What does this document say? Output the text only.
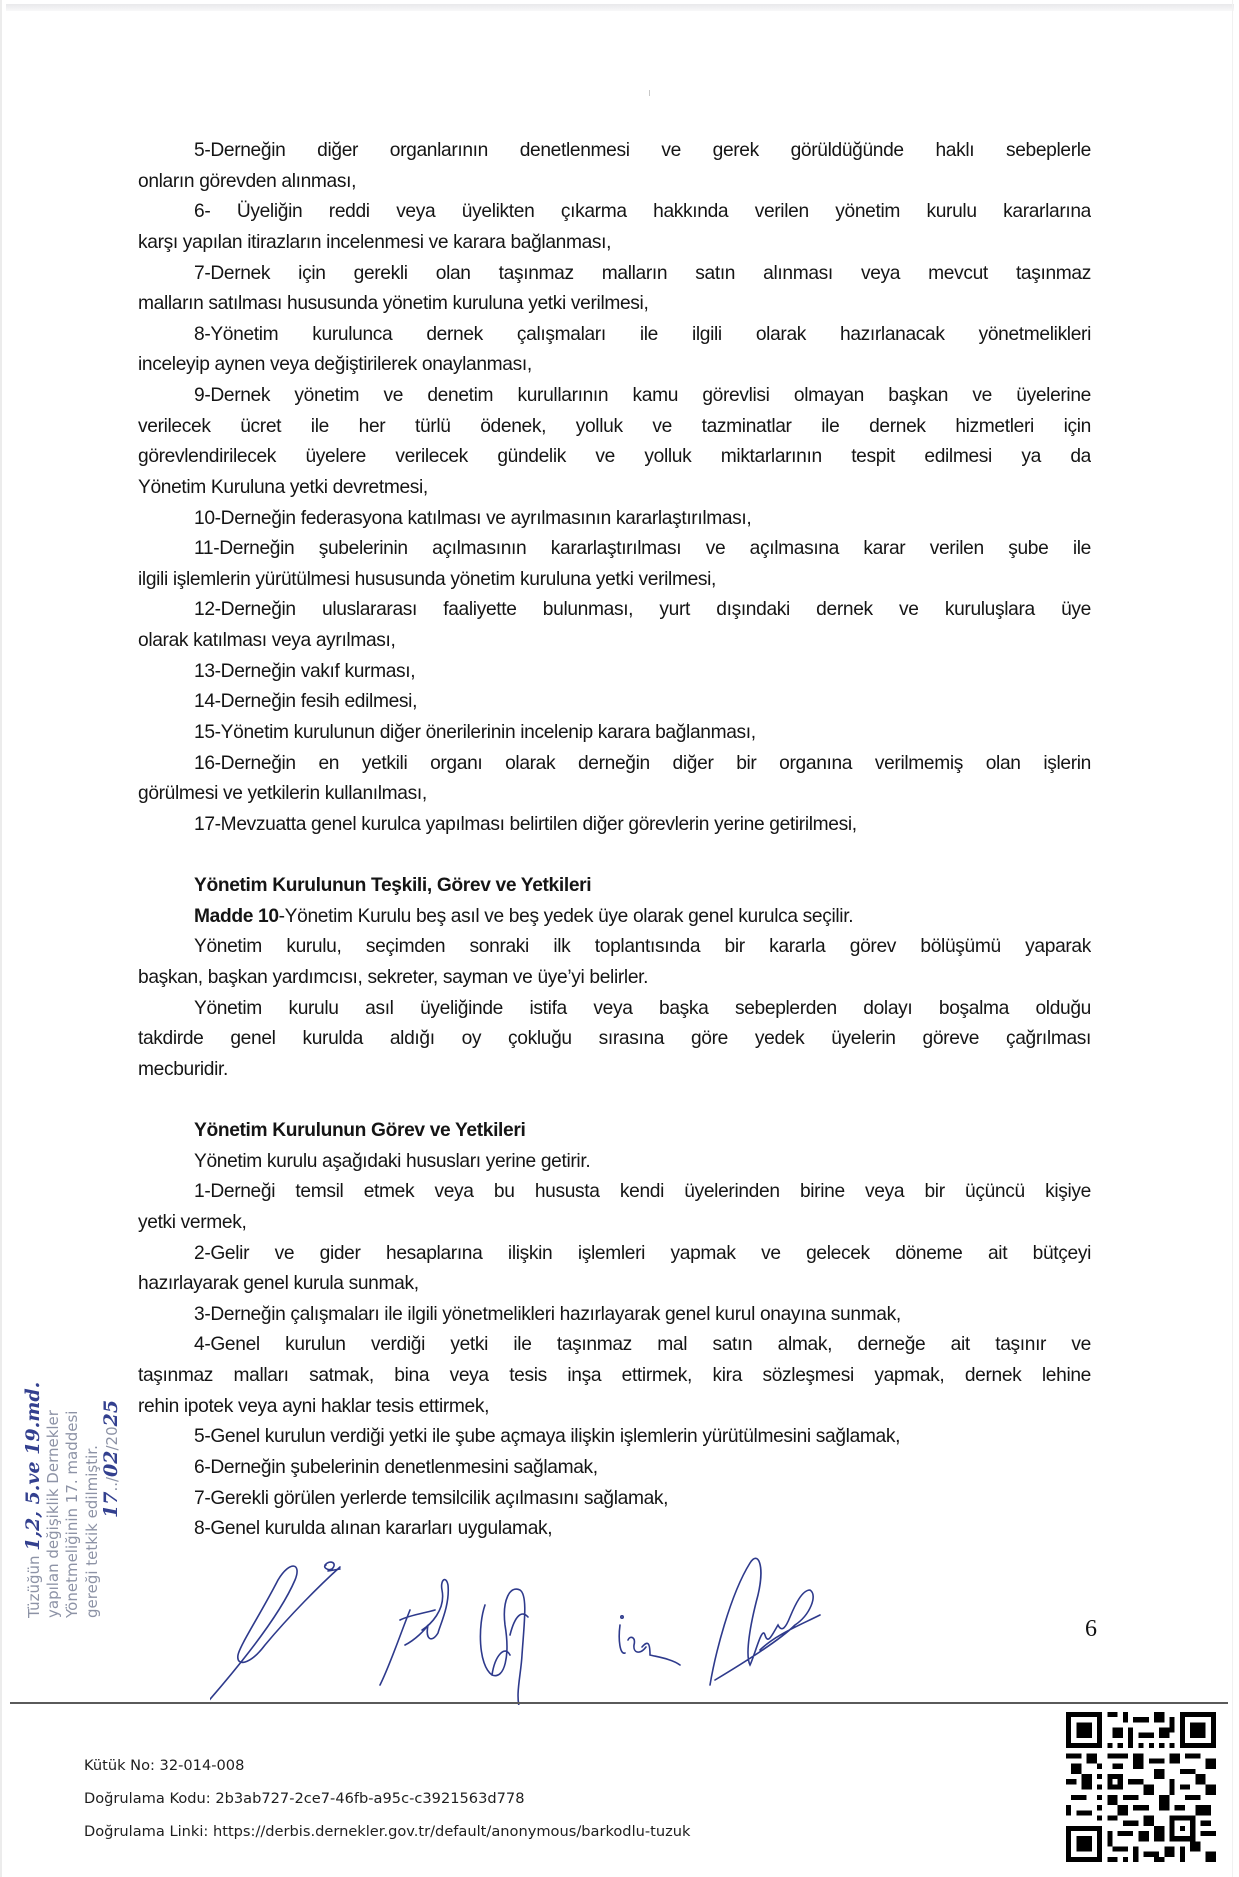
5-Derneğin diğer organlarının denetlenmesi ve gerek görüldüğünde haklı sebeplerle
onların görevden alınması,
6- Üyeliğin reddi veya üyelikten çıkarma hakkında verilen yönetim kurulu kararlarına
karşı yapılan itirazların incelenmesi ve karara bağlanması,
7-Dernek için gerekli olan taşınmaz malların satın alınması veya mevcut taşınmaz
malların satılması hususunda yönetim kuruluna yetki verilmesi,
8-Yönetim kurulunca dernek çalışmaları ile ilgili olarak hazırlanacak yönetmelikleri
inceleyip aynen veya değiştirilerek onaylanması,
9-Dernek yönetim ve denetim kurullarının kamu görevlisi olmayan başkan ve üyelerine
verilecek ücret ile her türlü ödenek, yolluk ve tazminatlar ile dernek hizmetleri için
görevlendirilecek üyelere verilecek gündelik ve yolluk miktarlarının tespit edilmesi ya da
Yönetim Kuruluna yetki devretmesi,
10-Derneğin federasyona katılması ve ayrılmasının kararlaştırılması,
11-Derneğin şubelerinin açılmasının kararlaştırılması ve açılmasına karar verilen şube ile
ilgili işlemlerin yürütülmesi hususunda yönetim kuruluna yetki verilmesi,
12-Derneğin uluslararası faaliyette bulunması, yurt dışındaki dernek ve kuruluşlara üye
olarak katılması veya ayrılması,
13-Derneğin vakıf kurması,
14-Derneğin fesih edilmesi,
15-Yönetim kurulunun diğer önerilerinin incelenip karara bağlanması,
16-Derneğin en yetkili organı olarak derneğin diğer bir organına verilmemiş olan işlerin
görülmesi ve yetkilerin kullanılması,
17-Mevzuatta genel kurulca yapılması belirtilen diğer görevlerin yerine getirilmesi,
Yönetim Kurulunun Teşkili, Görev ve Yetkileri
Madde 10-Yönetim Kurulu beş asıl ve beş yedek üye olarak genel kurulca seçilir.
Yönetim kurulu, seçimden sonraki ilk toplantısında bir kararla görev bölüşümü yaparak
başkan, başkan yardımcısı, sekreter, sayman ve üye’yi belirler.
Yönetim kurulu asıl üyeliğinde istifa veya başka sebeplerden dolayı boşalma olduğu
takdirde genel kurulda aldığı oy çokluğu sırasına göre yedek üyelerin göreve çağrılması
mecburidir.
Yönetim Kurulunun Görev ve Yetkileri
Yönetim kurulu aşağıdaki hususları yerine getirir.
1-Derneği temsil etmek veya bu hususta kendi üyelerinden birine veya bir üçüncü kişiye
yetki vermek,
2-Gelir ve gider hesaplarına ilişkin işlemleri yapmak ve gelecek döneme ait bütçeyi
hazırlayarak genel kurula sunmak,
3-Derneğin çalışmaları ile ilgili yönetmelikleri hazırlayarak genel kurul onayına sunmak,
4-Genel kurulun verdiği yetki ile taşınmaz mal satın almak, derneğe ait taşınır ve
taşınmaz malları satmak, bina veya tesis inşa ettirmek, kira sözleşmesi yapmak, dernek lehine
rehin ipotek veya ayni haklar tesis ettirmek,
5-Genel kurulun verdiği yetki ile şube açmaya ilişkin işlemlerin yürütülmesini sağlamak,
6-Derneğin şubelerinin denetlenmesini sağlamak,
7-Gerekli görülen yerlerde temsilcilik açılmasını sağlamak,
8-Genel kurulda alınan kararları uygulamak,
Tüzüğün 1,2, 5.ve 19.md. yapılan değişiklik Dernekler Yönetmeliğinin 17. maddesi gereği tetkik edilmiştir. 17../02/2025
6
Kütük No: 32-014-008
Doğrulama Kodu: 2b3ab727-2ce7-46fb-a95c-c3921563d778
Doğrulama Linki: https://derbis.dernekler.gov.tr/default/anonymous/barkodlu-tuzuk
